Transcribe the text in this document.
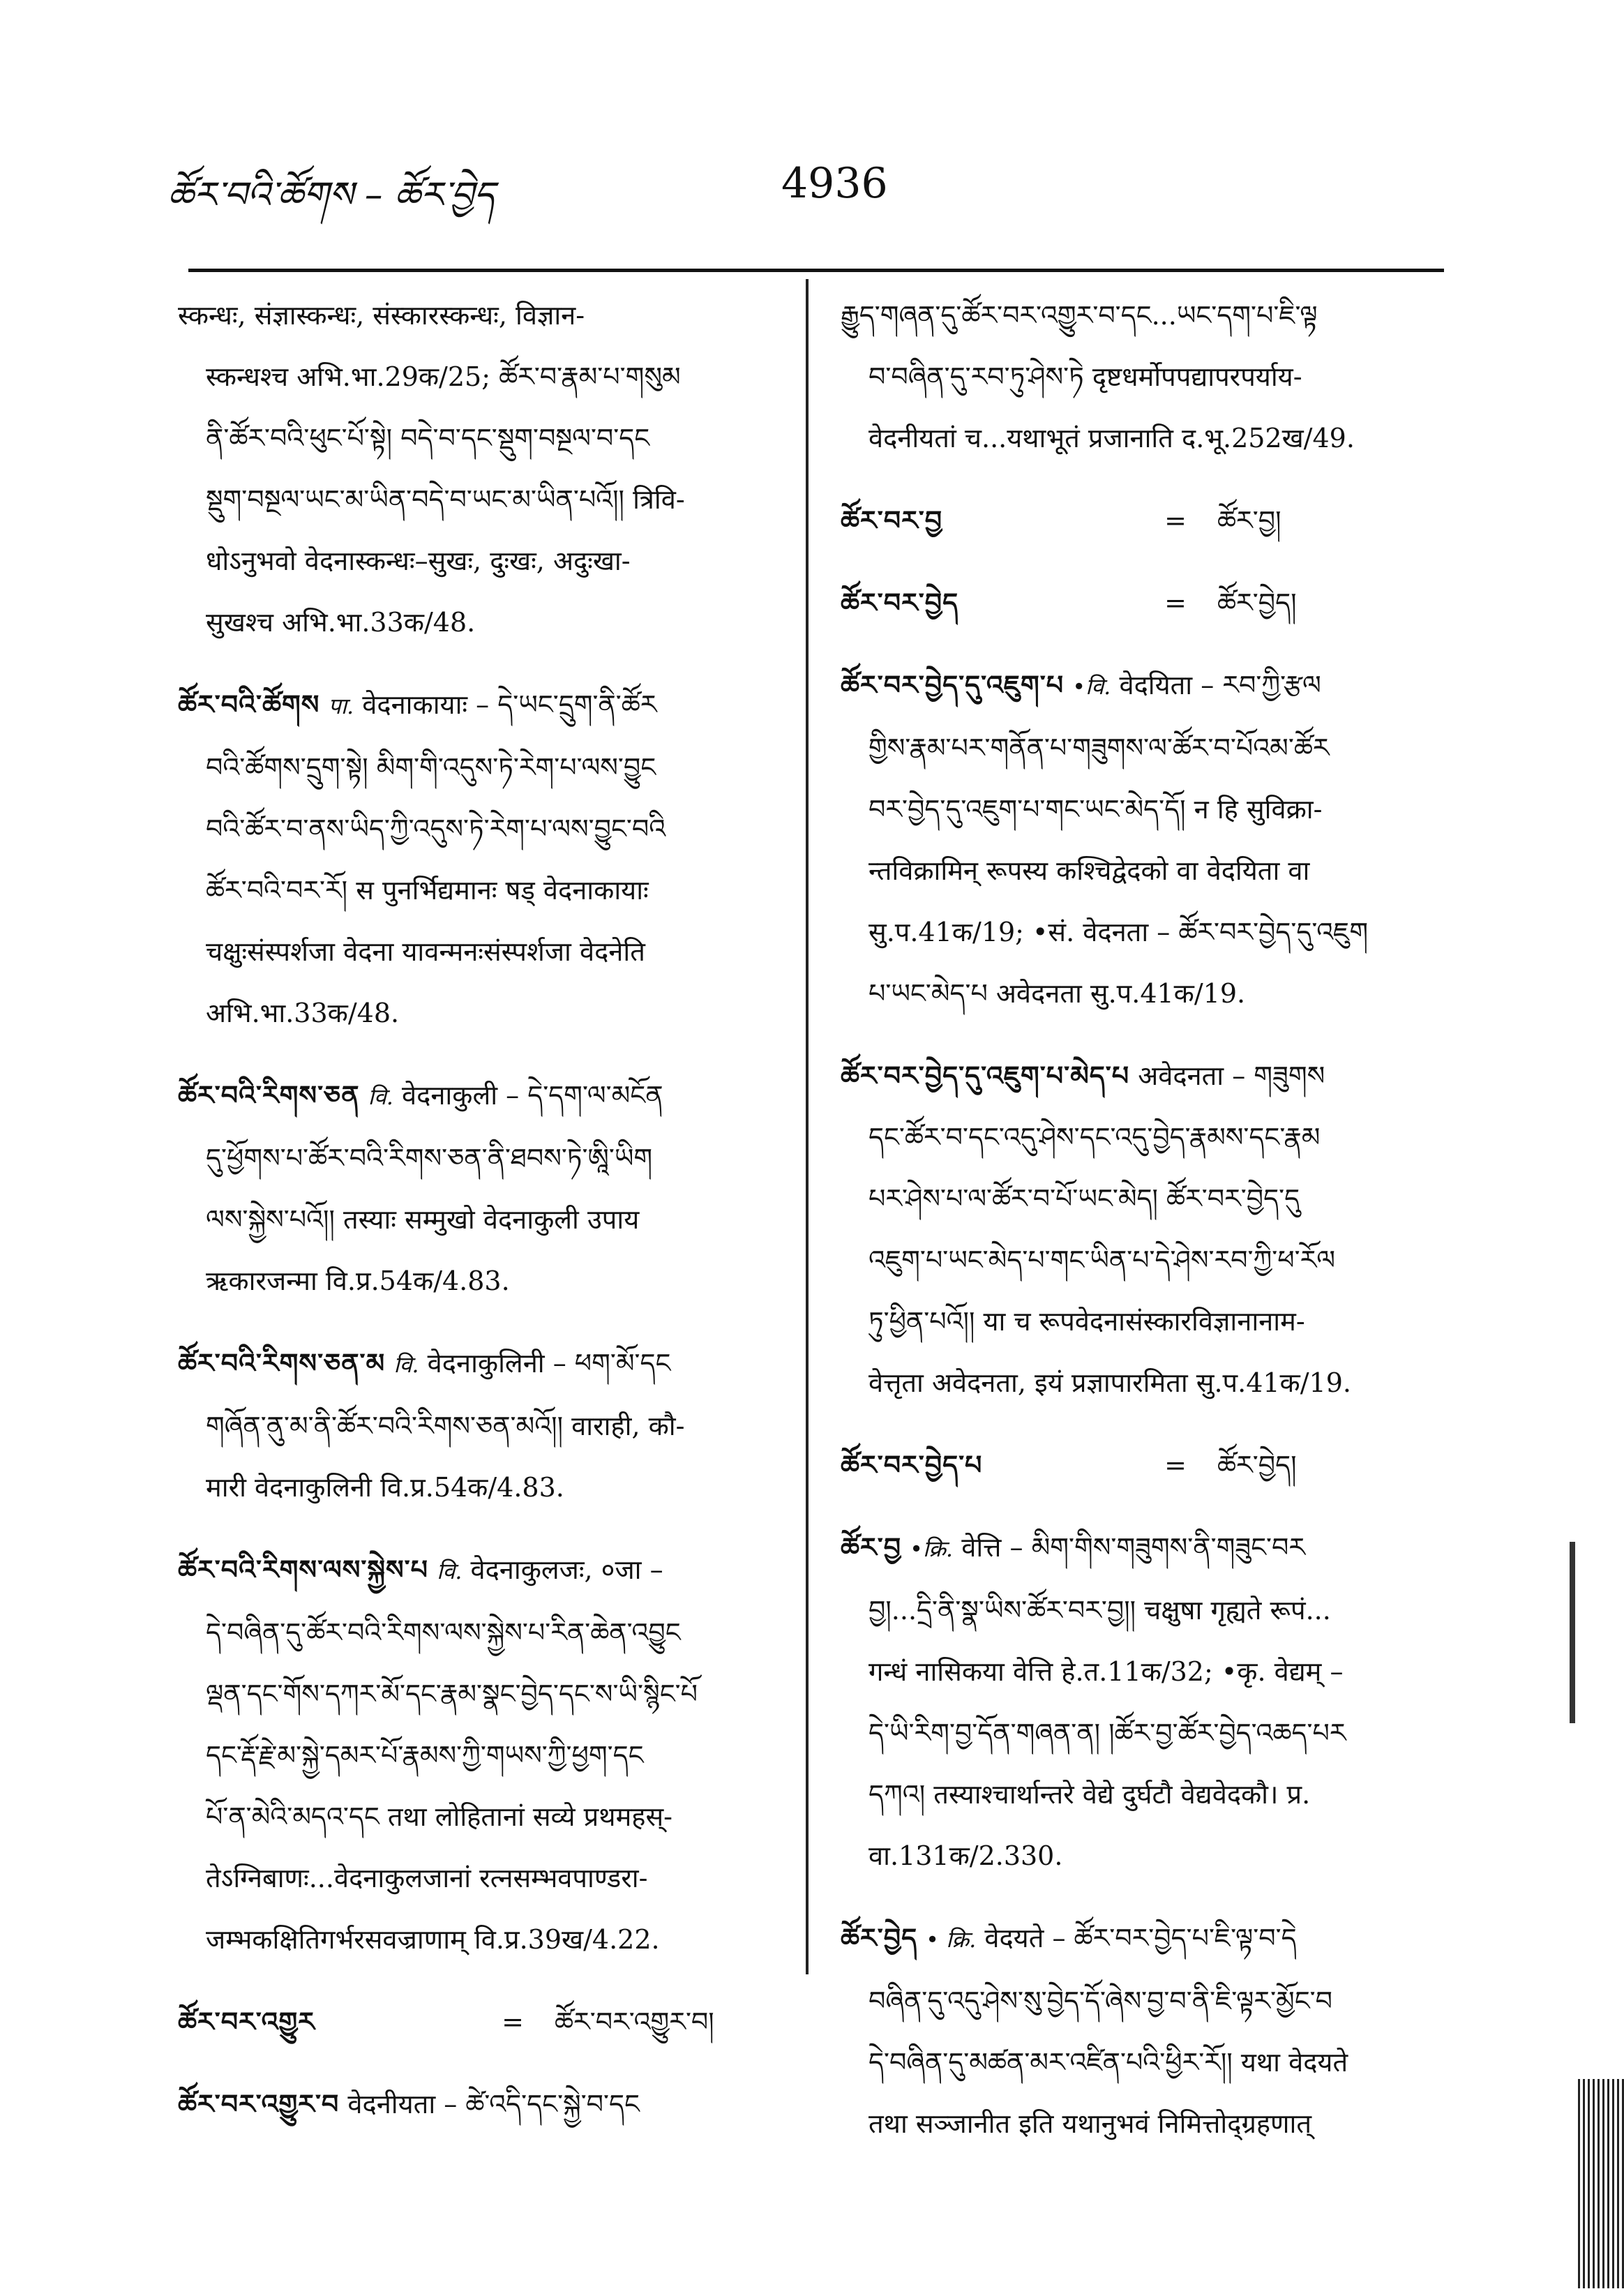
ཚོར་བའི་ཚོགས – ཚོར་བྱེད	4936

स्कन्धः, संज्ञास्कन्धः, संस्कारस्कन्धः, विज्ञान-

स्कन्धश्च अभि.भा.29क/25; ཚོར་བ་རྣམ་པ་གསུམ

ནི་ཚོར་བའི་ཕུང་པོ་སྟེ། བདེ་བ་དང་སྡུག་བསྔལ་བ་དང

སྡུག་བསྔལ་ཡང་མ་ཡིན་བདེ་བ་ཡང་མ་ཡིན་པའོ།། त्रिवि-

धोऽनुभवो वेदनास्कन्धः–सुखः, दुःखः, अदुःखा-

सुखश्च अभि.भा.33क/48.

ཚོར་བའི་ཚོགས पा. वेदनाकायाः – དེ་ཡང་དྲུག་ནི་ཚོར

བའི་ཚོགས་དྲུག་སྟེ། མིག་གི་འདུས་ཏེ་རེག་པ་ལས་བྱུང

བའི་ཚོར་བ་ནས་ཡིད་ཀྱི་འདུས་ཏེ་རེག་པ་ལས་བྱུང་བའི

ཚོར་བའི་བར་རོ། स पुनर्भिद्यमानः षड् वेदनाकायाः

चक्षुःसंस्पर्शजा वेदना यावन्मनःसंस्पर्शजा वेदनेति

अभि.भा.33क/48.

ཚོར་བའི་རིགས་ཅན वि. वेदनाकुली – དེ་དག་ལ་མངོན

དུ་ཕྱོགས་པ་ཚོར་བའི་རིགས་ཅན་ནི་ཐབས་ཏེ་ཨཱི་ཡིག

ལས་སྐྱེས་པའོ།། तस्याः सम्मुखो वेदनाकुली उपाय

ऋकारजन्मा वि.प्र.54क/4.83.

ཚོར་བའི་རིགས་ཅན་མ वि. वेदनाकुलिनी – ཕག་མོ་དང

གཞོན་ནུ་མ་ནི་ཚོར་བའི་རིགས་ཅན་མའོ།། वाराही, कौ-

मारी वेदनाकुलिनी वि.प्र.54क/4.83.

ཚོར་བའི་རིགས་ལས་སྐྱེས་པ वि. वेदनाकुलजः, ०जा –

དེ་བཞིན་དུ་ཚོར་བའི་རིགས་ལས་སྐྱེས་པ་རིན་ཆེན་འབྱུང

ལྡན་དང་གོས་དཀར་མོ་དང་རྣམ་སྣང་བྱེད་དང་ས་ཡི་སྙིང་པོ

དང་རྡོ་རྗེ་མ་སྐྱེ་དམར་པོ་རྣམས་ཀྱི་གཡས་ཀྱི་ཕྱག་དང

པོ་ན་མེའི་མདའ་དང तथा लोहितानां सव्ये प्रथमहस्-

तेऽग्निबाणः...वेदनाकुलजानां रत्नसम्भवपाण्डरा-

जम्भकक्षितिगर्भरसवज्राणाम् वि.प्र.39ख/4.22.

ཚོར་བར་འགྱུར	=	ཚོར་བར་འགྱུར་བ།

ཚོར་བར་འགྱུར་བ वेदनीयता – ཚེ་འདི་དང་སྐྱེ་བ་དང

རྒྱུད་གཞན་དུ་ཚོར་བར་འགྱུར་བ་དང...ཡང་དག་པ་ཇི་ལྟ

བ་བཞིན་དུ་རབ་ཏུ་ཤེས་ཏེ दृष्टधर्मोपपद्यापरपर्याय-

वेदनीयतां च...यथाभूतं प्रजानाति द.भू.252ख/49.

ཚོར་བར་བྱ	=	ཚོར་བྱ།
ཚོར་བར་བྱེད	=	ཚོར་བྱེད།

ཚོར་བར་བྱེད་དུ་འཇུག་པ •वि. वेदयिता – རབ་ཀྱི་རྩལ

གྱིས་རྣམ་པར་གནོན་པ་གཟུགས་ལ་ཚོར་བ་པོའམ་ཚོར

བར་བྱེད་དུ་འཇུག་པ་གང་ཡང་མེད་དོ། न हि सुविक्रा-

न्तविक्रामिन् रूपस्य कश्चिद्वेदको वा वेदयिता वा

सु.प.41क/19; •सं. वेदनता – ཚོར་བར་བྱེད་དུ་འཇུག

པ་ཡང་མེད་པ अवेदनता सु.प.41क/19.

ཚོར་བར་བྱེད་དུ་འཇུག་པ་མེད་པ अवेदनता – གཟུགས

དང་ཚོར་བ་དང་འདུ་ཤེས་དང་འདུ་བྱེད་རྣམས་དང་རྣམ

པར་ཤེས་པ་ལ་ཚོར་བ་པོ་ཡང་མེད། ཚོར་བར་བྱེད་དུ

འཇུག་པ་ཡང་མེད་པ་གང་ཡིན་པ་དེ་ཤེས་རབ་ཀྱི་ཕ་རོལ

ཏུ་ཕྱིན་པའོ།། या च रूपवेदनासंस्कारविज्ञानानाम-

वेत्तृता अवेदनता, इयं प्रज्ञापारमिता सु.प.41क/19.

ཚོར་བར་བྱེད་པ	=	ཚོར་བྱེད།

ཚོར་བྱ •क्रि. वेत्ति – མིག་གིས་གཟུགས་ནི་གཟུང་བར

བྱ།...དྲི་ནི་སྣ་ཡིས་ཚོར་བར་བྱ།། चक्षुषा गृह्यते रूपं...

गन्धं नासिकया वेत्ति हे.त.11क/32; •कृ. वेद्यम् –

དེ་ཡི་རིག་བྱ་དོན་གཞན་ན། །ཚོར་བྱ་ཚོར་བྱེད་འཆད་པར

དཀའ། तस्याश्चार्थान्तरे वेद्ये दुर्घटौ वेद्यवेदकौ। प्र.

वा.131क/2.330.

ཚོར་བྱེད • क्रि. वेदयते – ཚོར་བར་བྱེད་པ་ཇི་ལྟ་བ་དེ

བཞིན་དུ་འདུ་ཤེས་སུ་བྱེད་དོ་ཞེས་བྱ་བ་ནི་ཇི་ལྟར་མྱོང་བ

དེ་བཞིན་དུ་མཚན་མར་འཛིན་པའི་ཕྱིར་རོ།། यथा वेदयते

तथा सञ्जानीत इति यथानुभवं निमित्तोद्ग्रहणात्
